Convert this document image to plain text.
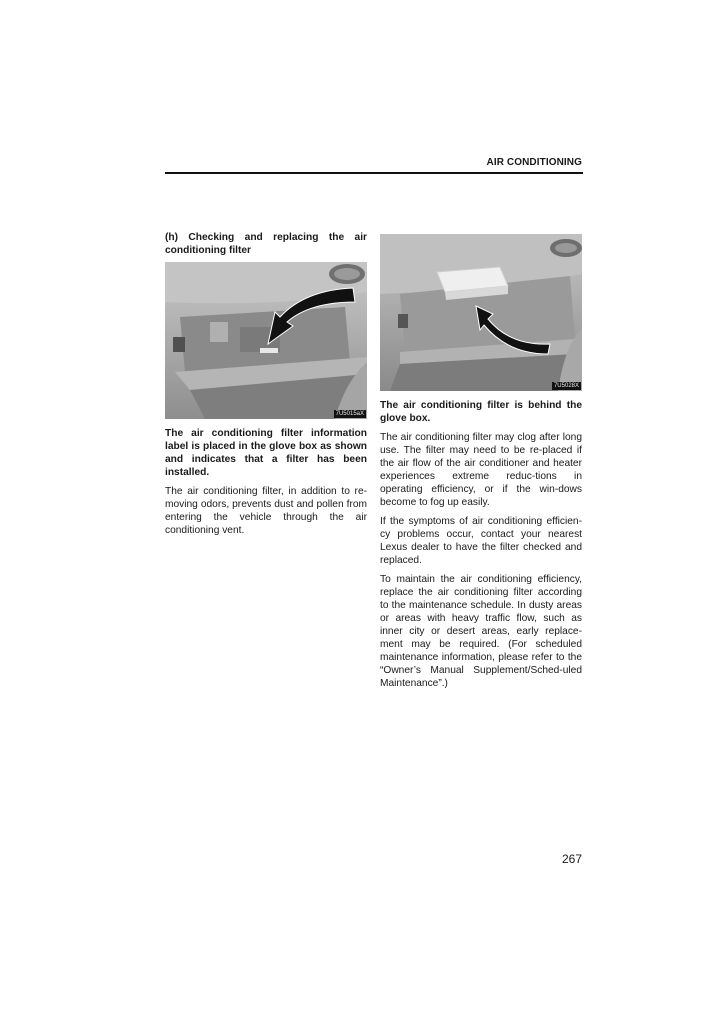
AIR CONDITIONING

(h) Checking and replacing the air conditioning filter

7U5015aX

The air conditioning filter information label is placed in the glove box as shown and indicates that a filter has been installed.

The air conditioning filter, in addition to re-moving odors, prevents dust and pollen from entering the vehicle through the air conditioning vent.

7U5028X

The air conditioning filter is behind the glove box.

The air conditioning filter may clog after long use. The filter may need to be re-placed if the air flow of the air conditioner and heater experiences extreme reduc-tions in operating efficiency, or if the win-dows become to fog up easily.

If the symptoms of air conditioning efficien-cy problems occur, contact your nearest Lexus dealer to have the filter checked and replaced.

To maintain the air conditioning efficiency, replace the air conditioning filter according to the maintenance schedule. In dusty areas or areas with heavy traffic flow, such as inner city or desert areas, early replace-ment may be required. (For scheduled maintenance information, please refer to the “Owner’s Manual Supplement/Sched-uled Maintenance”.)

267
